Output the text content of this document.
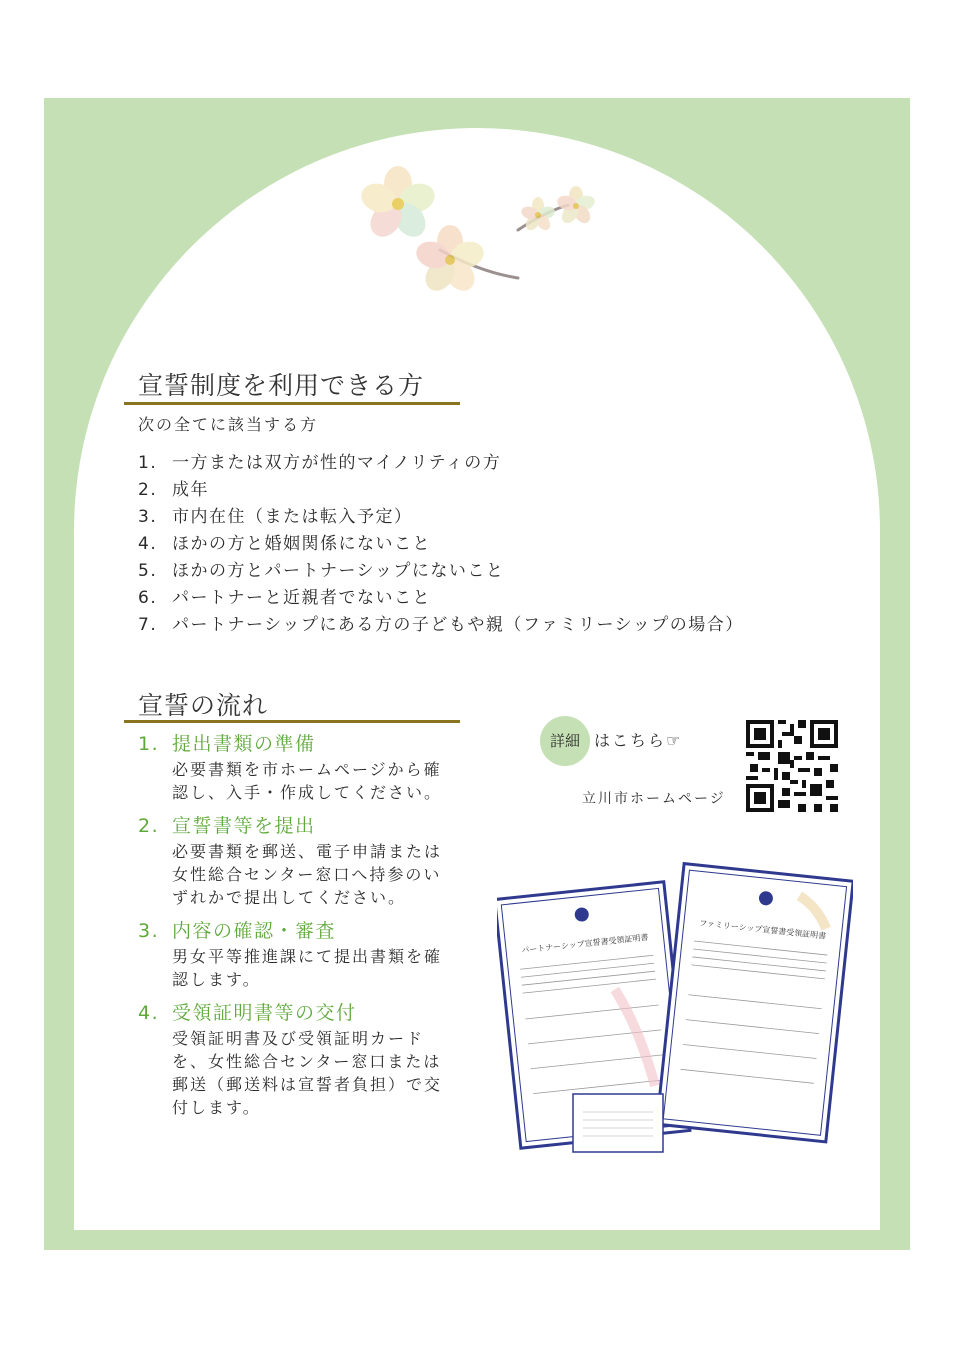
宣誓制度を利用できる方
次の全てに該当する方
1. 一方または双方が性的マイノリティの方
2. 成年
3. 市内在住（または転入予定）
4. ほかの方と婚姻関係にないこと
5. ほかの方とパートナーシップにないこと
6. パートナーと近親者でないこと
7. パートナーシップにある方の子どもや親（ファミリーシップの場合）
宣誓の流れ
1. 提出書類の準備
必要書類を市ホームページから確認し、入手・作成してください。
2. 宣誓書等を提出
必要書類を郵送、電子申請または女性総合センター窓口へ持参のいずれかで提出してください。
3. 内容の確認・審査
男女平等推進課にて提出書類を確認します。
4. 受領証明書等の交付
受領証明書及び受領証明カードを、女性総合センター窓口または郵送（郵送料は宣誓者負担）で交付します。
詳細 はこちら☞
立川市ホームページ
パートナーシップ宣誓書受領証明書
ファミリーシップ宣誓書受領証明書
